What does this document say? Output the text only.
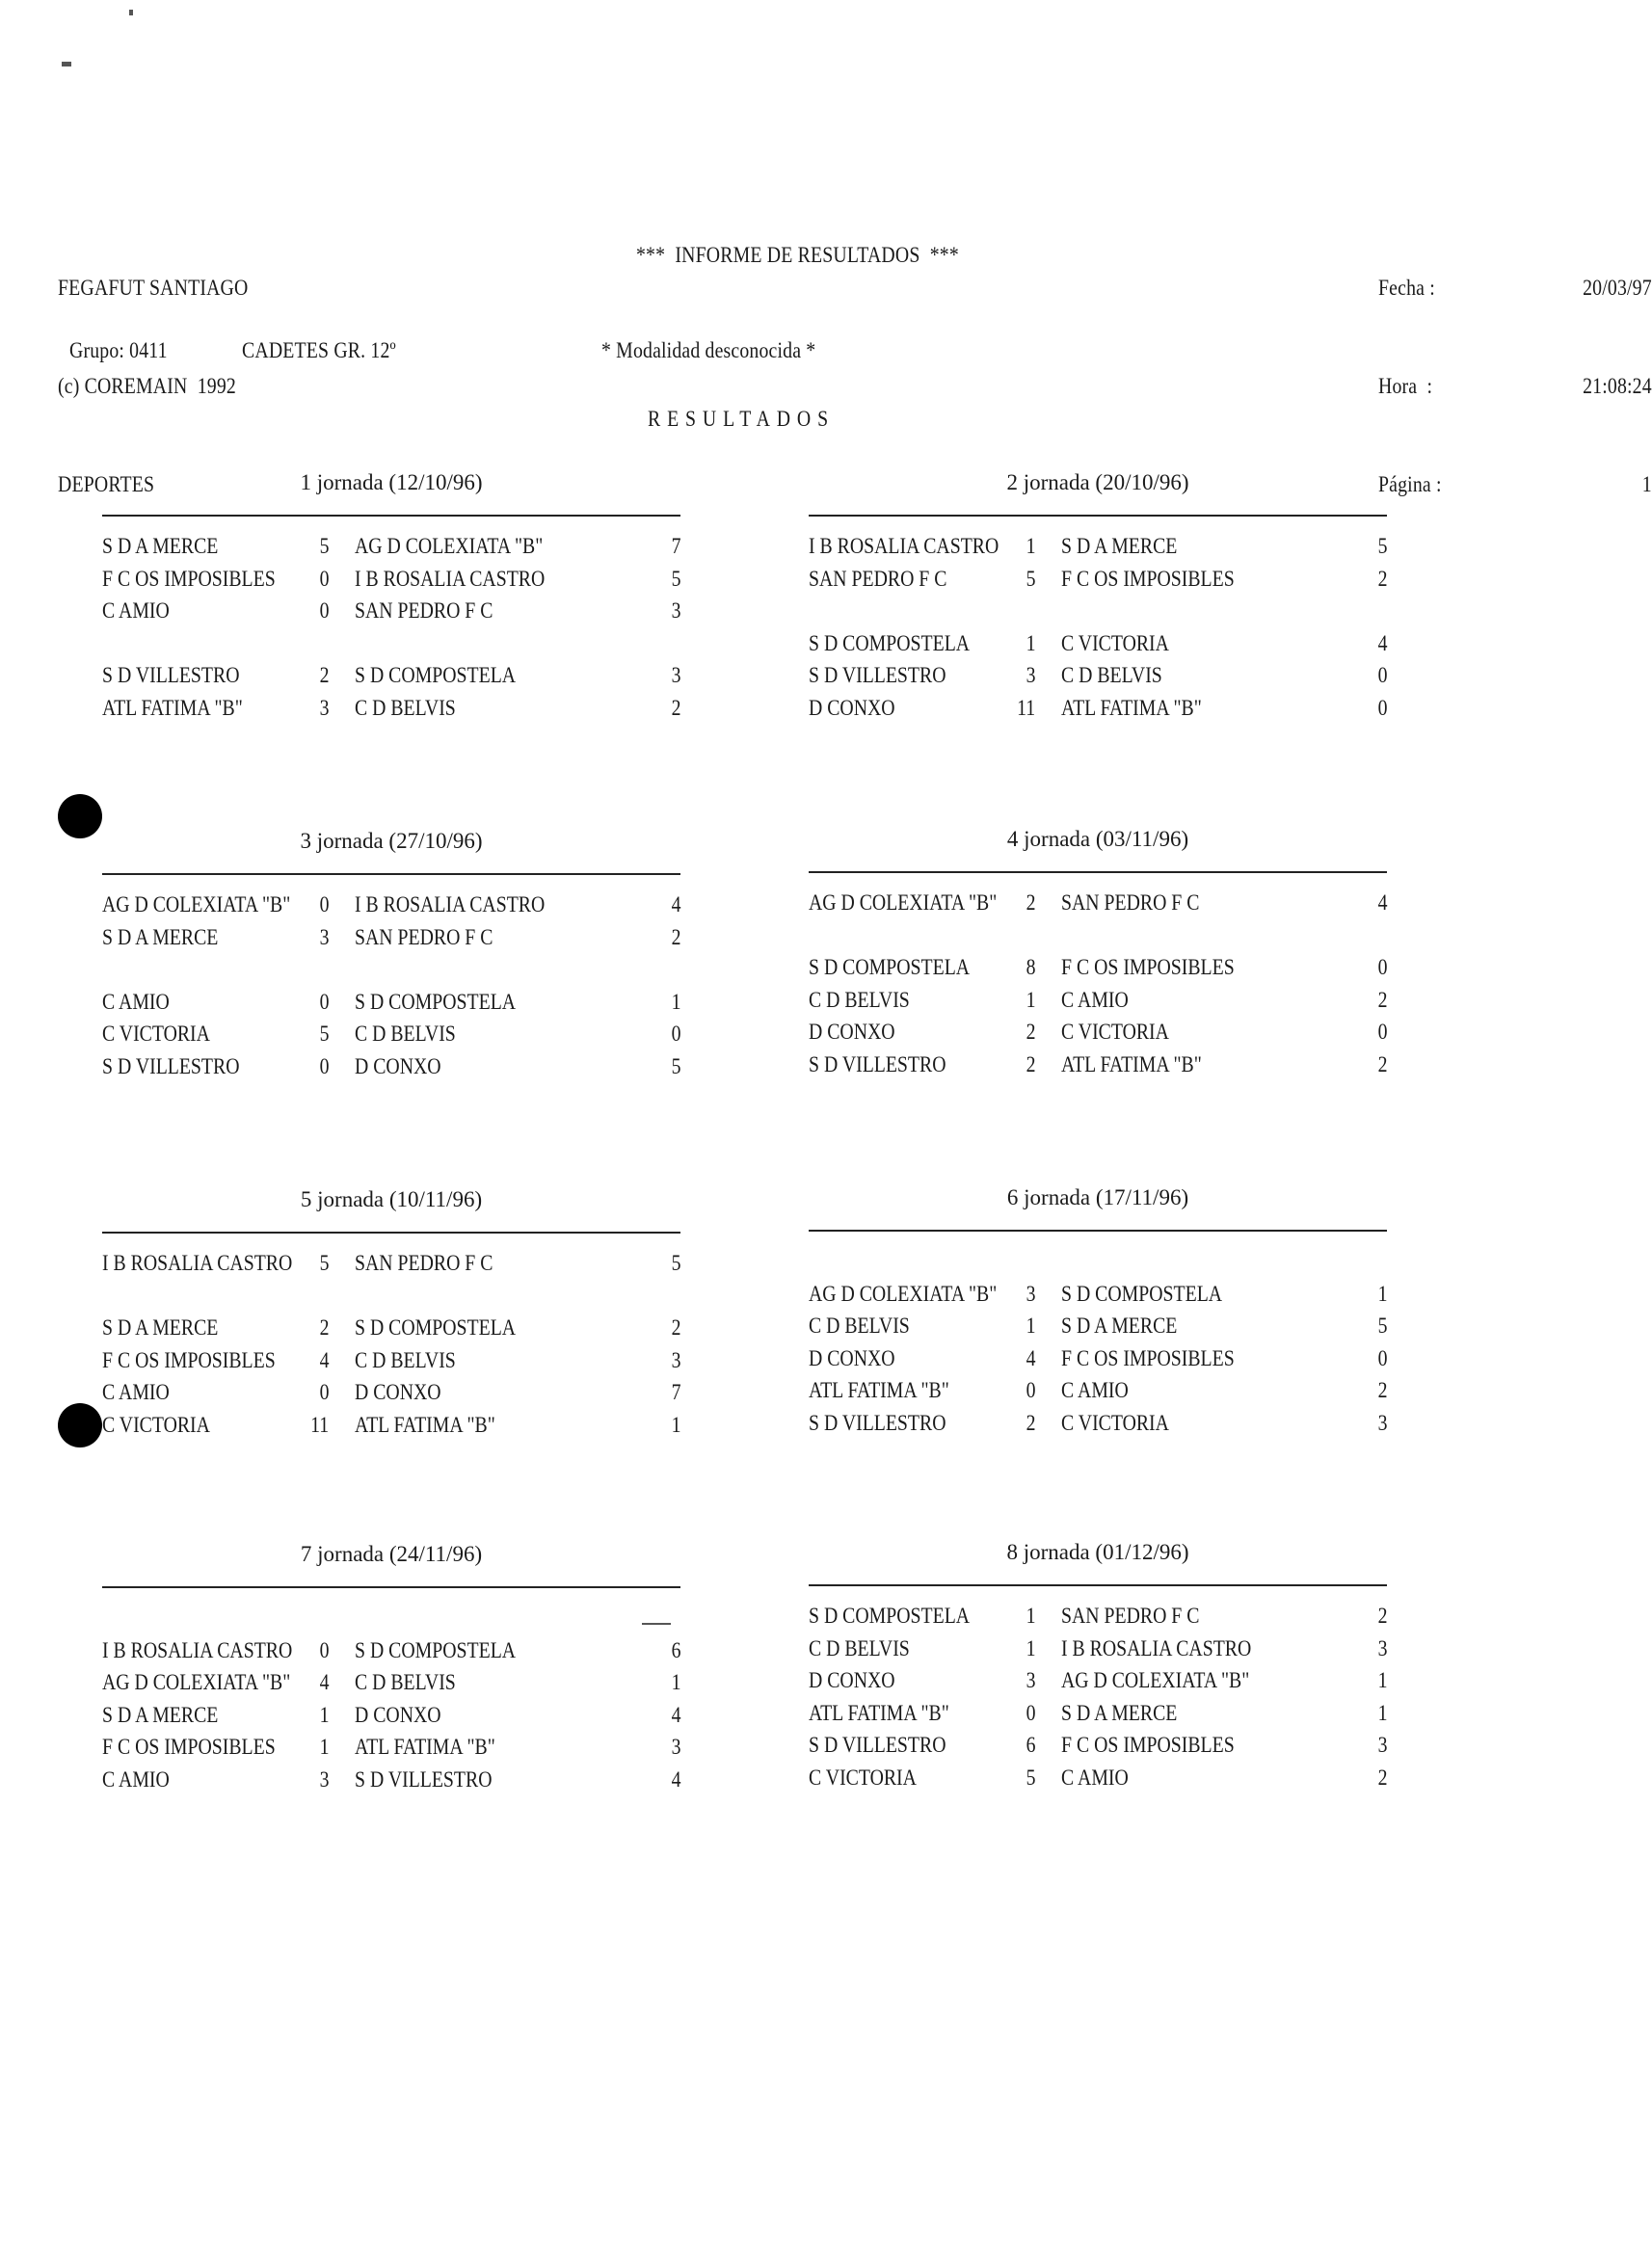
FEGAFUT SANTIAGO

(c) COREMAIN  1992

DEPORTES

***  INFORME DE RESULTADOS  ***

Fecha :	20/03/97

Hora  :	21:08:24

Página :	1

Grupo: 0411	CADETES GR. 12º	* Modalidad desconocida *
RESULTADOS
1 jornada (12/10/96)
S D A MERCE	5 AG D COLEXIATA "B"	7
F C OS IMPOSIBLES 0 I B ROSALIA CASTRO	5
C AMIO	0 SAN PEDRO F C	3
S D VILLESTRO	2 S D COMPOSTELA	3
ATL FATIMA "B"	3 C D BELVIS	2
2 jornada (20/10/96)
I B ROSALIA CASTRO 1 S D A MERCE	5
SAN PEDRO F C	5 F C OS IMPOSIBLES	2
S D COMPOSTELA	1 C VICTORIA	4
S D VILLESTRO	3 C D BELVIS	0
D CONXO	11 ATL FATIMA "B"	0
3 jornada (27/10/96)
AG D COLEXIATA "B" 0 I B ROSALIA CASTRO	4
S D A MERCE	3 SAN PEDRO F C	2
C AMIO	0 S D COMPOSTELA	1
C VICTORIA	5 C D BELVIS	0
S D VILLESTRO	0 D CONXO	5
4 jornada (03/11/96)
AG D COLEXIATA "B" 2 SAN PEDRO F C	4
S D COMPOSTELA	8 F C OS IMPOSIBLES	0
C D BELVIS	1 C AMIO	2
D CONXO	2 C VICTORIA	0
S D VILLESTRO	2 ATL FATIMA "B"	2
5 jornada (10/11/96)
I B ROSALIA CASTRO 5 SAN PEDRO F C	5
S D A MERCE	2 S D COMPOSTELA	2
F C OS IMPOSIBLES 4 C D BELVIS	3
C AMIO	0 D CONXO	7
C VICTORIA	11 ATL FATIMA "B"	1
6 jornada (17/11/96)
AG D COLEXIATA "B" 3 S D COMPOSTELA	1
C D BELVIS	1 S D A MERCE	5
D CONXO	4 F C OS IMPOSIBLES	0
ATL FATIMA "B"	0 C AMIO	2
S D VILLESTRO	2 C VICTORIA	3
7 jornada (24/11/96)
I B ROSALIA CASTRO 0 S D COMPOSTELA	6
AG D COLEXIATA "B" 4 C D BELVIS	1
S D A MERCE	1 D CONXO	4
F C OS IMPOSIBLES 1 ATL FATIMA "B"	3
C AMIO	3 S D VILLESTRO	4
8 jornada (01/12/96)
S D COMPOSTELA	1 SAN PEDRO F C	2
C D BELVIS	1 I B ROSALIA CASTRO	3
D CONXO	3 AG D COLEXIATA "B"	1
ATL FATIMA "B"	0 S D A MERCE	1
S D VILLESTRO	6 F C OS IMPOSIBLES	3
C VICTORIA	5 C AMIO	2
